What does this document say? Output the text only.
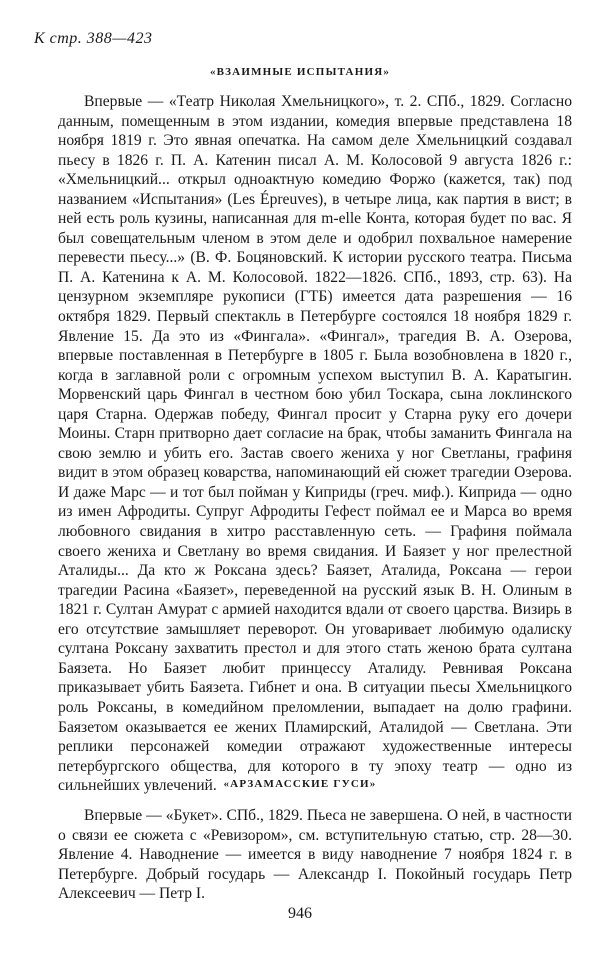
К стр. 388—423
«ВЗАИМНЫЕ ИСПЫТАНИЯ»

Впервые — «Театр Николая Хмельницкого», т. 2. СПб., 1829. Согласно данным, помещенным в этом издании, комедия впервые представлена 18 ноября 1819 г. Это явная опечатка. На самом деле Хмельницкий создавал пьесу в 1826 г. П. А. Катенин писал А. М. Колосовой 9 августа 1826 г.: «Хмельницкий... открыл одноактную комедию Форжо (кажется, так) под названием «Испытания» (Les Épreuves), в четыре лица, как партия в вист; в ней есть роль кузины, написанная для m-elle Конта, которая будет по вас. Я был совещательным членом в этом деле и одобрил похвальное намерение перевести пьесу...» (В. Ф. Боцяновский. К истории русского театра. Письма П. А. Катенина к А. М. Колосовой. 1822—1826. СПб., 1893, стр. 63). На цензурном экземпляре рукописи (ГТБ) имеется дата разрешения — 16 октября 1829. Первый спектакль в Петербурге состоялся 18 ноября 1829 г. Явление 15. Да это из «Фингала». «Фингал», трагедия В. А. Озерова, впервые поставленная в Петербурге в 1805 г. Была возобновлена в 1820 г., когда в заглавной роли с огромным успехом выступил В. А. Каратыгин. Морвенский царь Фингал в честном бою убил Тоскара, сына локлинского царя Старна. Одержав победу, Фингал просит у Старна руку его дочери Моины. Старн притворно дает согласие на брак, чтобы заманить Фингала на свою землю и убить его. Застав своего жениха у ног Светланы, графиня видит в этом образец коварства, напоминающий ей сюжет трагедии Озерова. И даже Марс — и тот был пойман у Киприды (греч. миф.). Киприда — одно из имен Афродиты. Супруг Афродиты Гефест поймал ее и Марса во время любовного свидания в хитро расставленную сеть. — Графиня поймала своего жениха и Светлану во время свидания. И Баязет у ног прелестной Аталиды... Да кто ж Роксана здесь? Баязет, Аталида, Роксана — герои трагедии Расина «Баязет», переведенной на русский язык В. Н. Олиным в 1821 г. Султан Амурат с армией находится вдали от своего царства. Визирь в его отсутствие замышляет переворот. Он уговаривает любимую одалиску султана Роксану захватить престол и для этого стать женою брата султана Баязета. Но Баязет любит принцессу Аталиду. Ревнивая Роксана приказывает убить Баязета. Гибнет и она. В ситуации пьесы Хмельницкого роль Роксаны, в комедийном преломлении, выпадает на долю графини. Баязетом оказывается ее жених Пламирский, Аталидой — Светлана. Эти реплики персонажей комедии отражают художественные интересы петербургского общества, для которого в ту эпоху театр — одно из сильнейших увлечений. «АРЗАМАССКИЕ ГУСИ»

Впервые — «Букет». СПб., 1829. Пьеса не завершена. О ней, в частности о связи ее сюжета с «Ревизором», см. вступительную статью, стр. 28—30. Явление 4. Наводнение — имеется в виду наводнение 7 ноября 1824 г. в Петербурге. Добрый государь — Александр I. Покойный государь Петр Алексеевич — Петр I.

946
